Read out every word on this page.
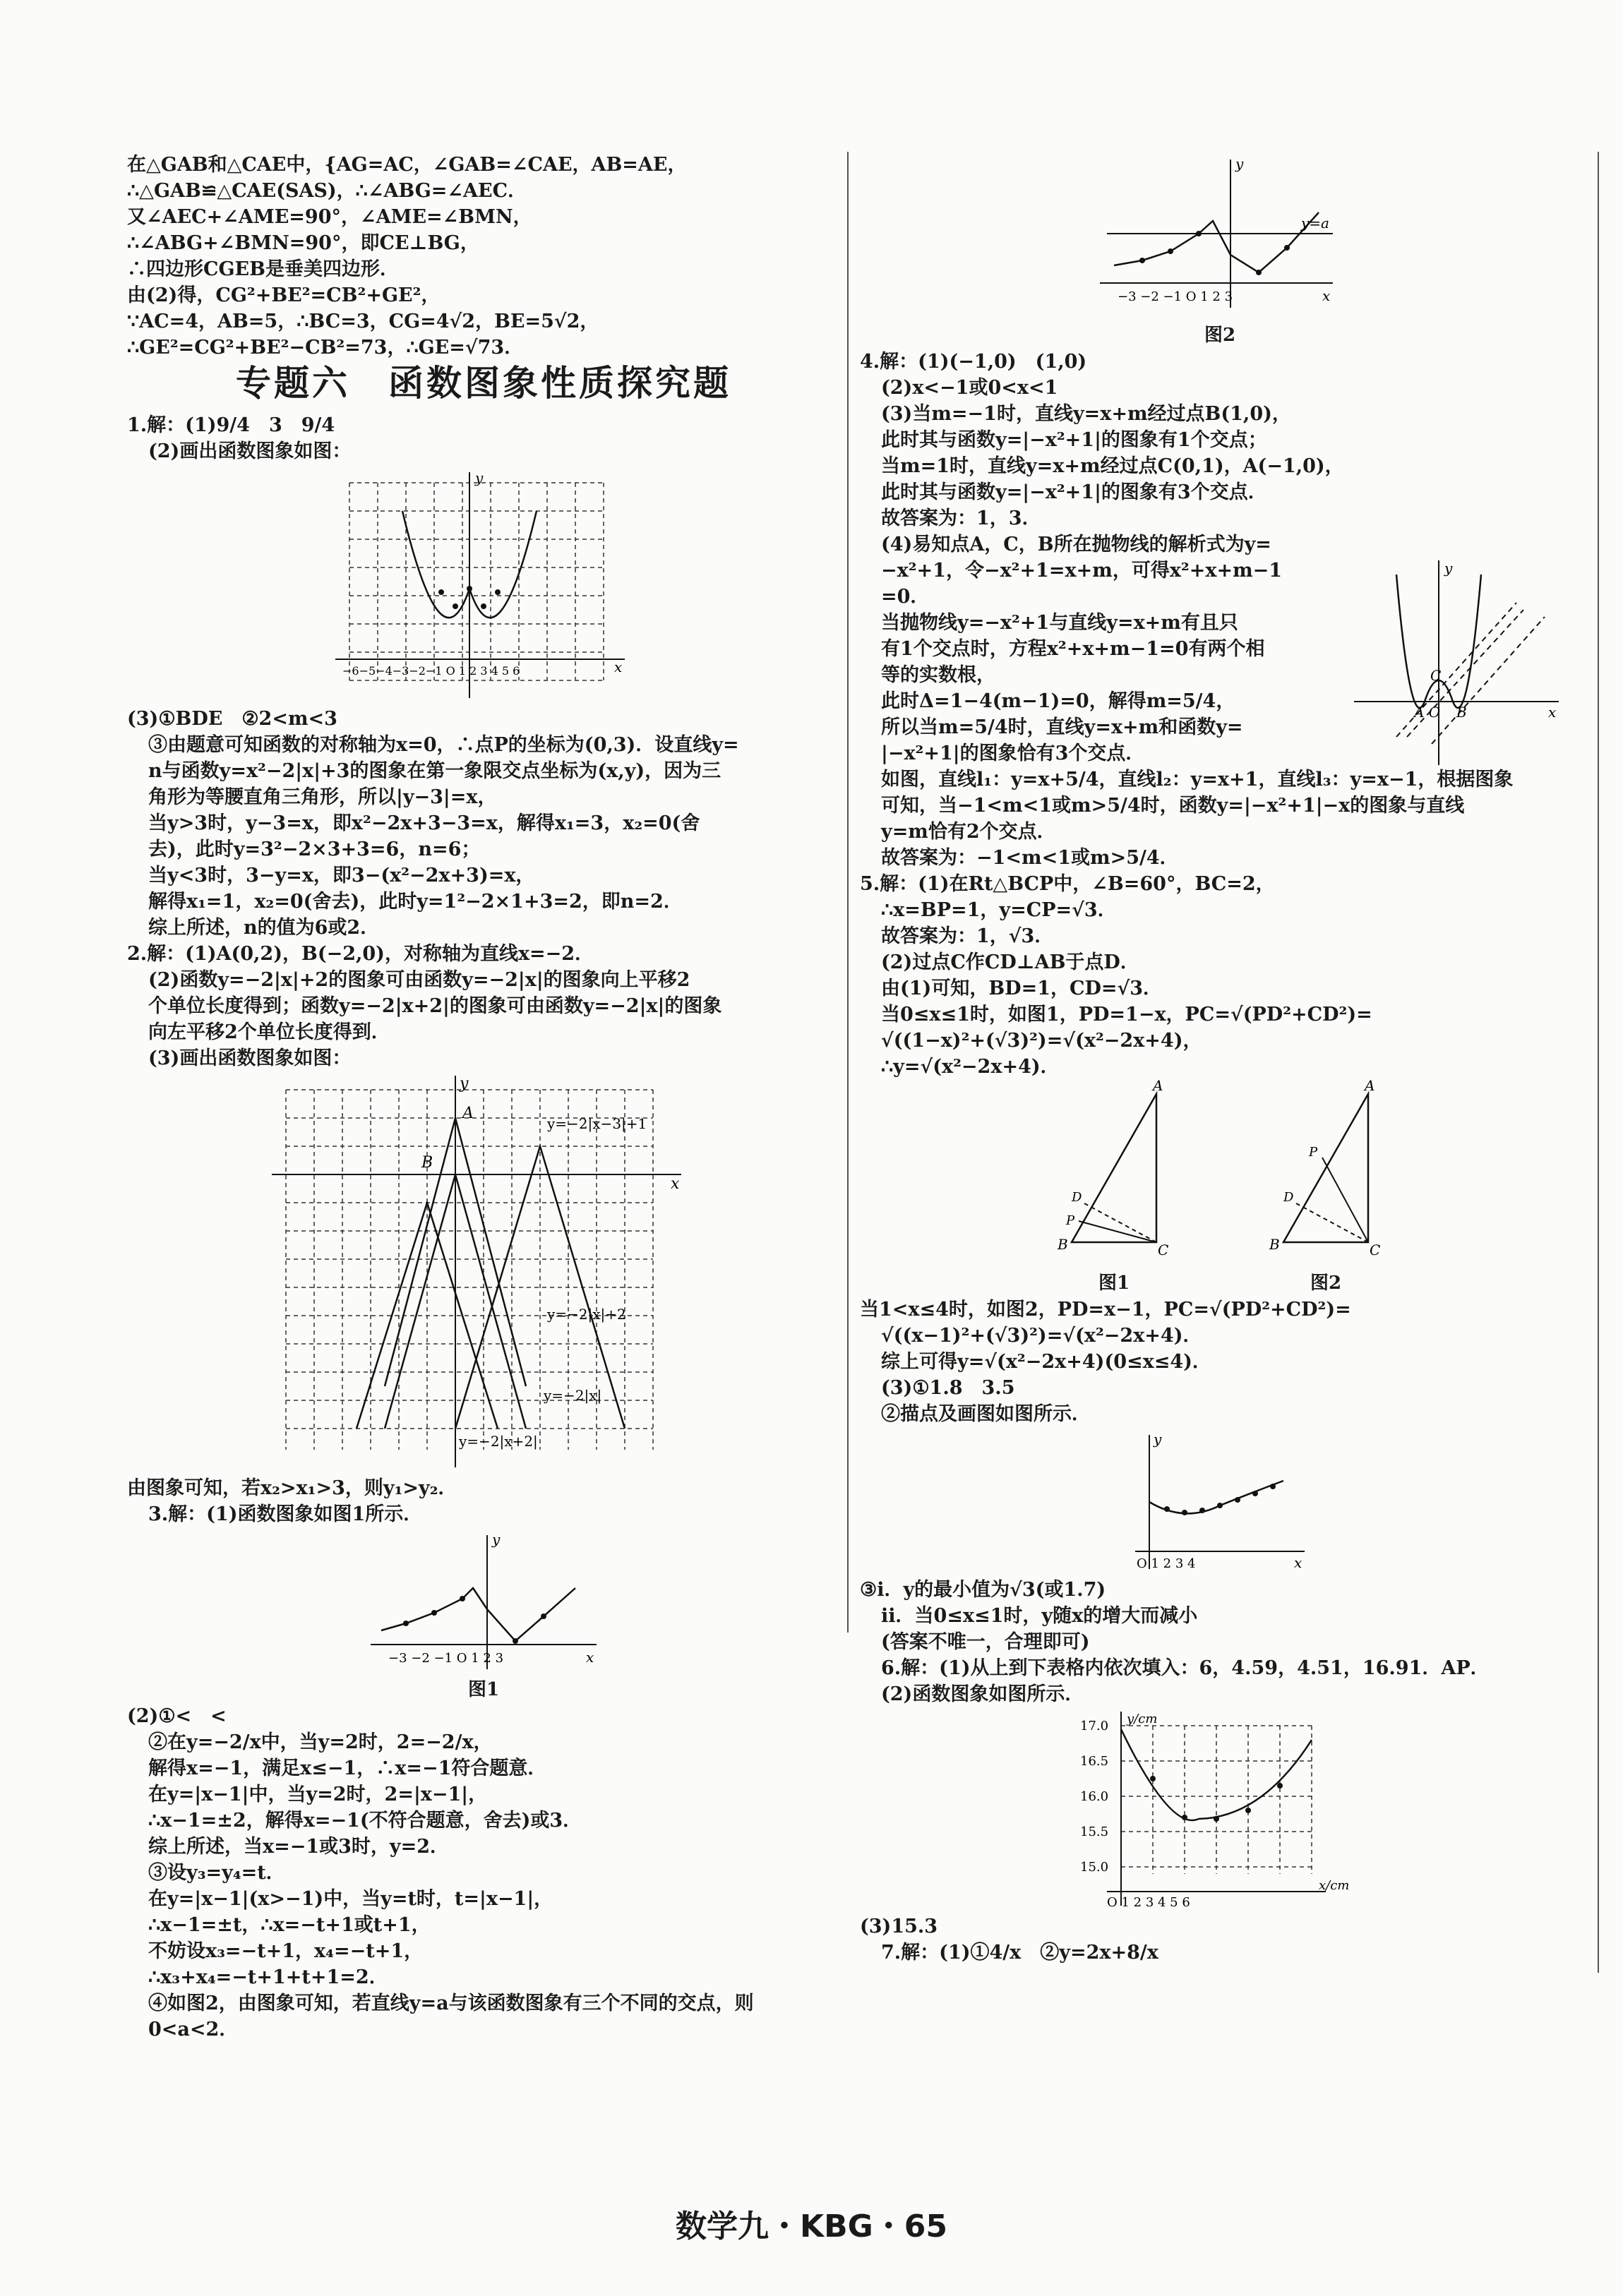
在△GAB和△CAE中，{AG=AC，∠GAB=∠CAE，AB=AE，
∴△GAB≌△CAE(SAS)，∴∠ABG=∠AEC．
又∠AEC+∠AME=90°，∠AME=∠BMN，
∴∠ABG+∠BMN=90°，即CE⊥BG，
∴四边形CGEB是垂美四边形．
由(2)得，CG²+BE²=CB²+GE²，
∵AC=4，AB=5，∴BC=3，CG=4√2，BE=5√2，
∴GE²=CG²+BE²−CB²=73，∴GE=√73．
专题六　函数图象性质探究题
1.解：(1)9/4　3　9/4
(2)画出函数图象如图：
y
x
−6−5−4−3−2−1 O 1 2 3 4 5 6
(3)①BDE　②2<m<3
③由题意可知函数的对称轴为x=0，∴点P的坐标为(0,3)．设直线y=
n与函数y=x²−2|x|+3的图象在第一象限交点坐标为(x,y)，因为三
角形为等腰直角三角形，所以|y−3|=x，
当y>3时，y−3=x，即x²−2x+3−3=x，解得x₁=3，x₂=0(舍
去)，此时y=3²−2×3+3=6，n=6；
当y<3时，3−y=x，即3−(x²−2x+3)=x，
解得x₁=1，x₂=0(舍去)，此时y=1²−2×1+3=2，即n=2．
综上所述，n的值为6或2．
2.解：(1)A(0,2)，B(−2,0)，对称轴为直线x=−2．
(2)函数y=−2|x|+2的图象可由函数y=−2|x|的图象向上平移2
个单位长度得到；函数y=−2|x+2|的图象可由函数y=−2|x|的图象
向左平移2个单位长度得到．
(3)画出函数图象如图：
y
x
B
A
y=−2|x−3|+1
y=−2|x|+2
y=−2|x|
y=−2|x+2|
由图象可知，若x₂>x₁>3，则y₁>y₂．
3.解：(1)函数图象如图1所示．
y
x
−3 −2 −1 O 1 2 3
图1
(2)①<　<
②在y=−2/x中，当y=2时，2=−2/x，
解得x=−1，满足x≤−1，∴x=−1符合题意．
在y=|x−1|中，当y=2时，2=|x−1|，
∴x−1=±2，解得x=−1(不符合题意，舍去)或3．
综上所述，当x=−1或3时，y=2．
③设y₃=y₄=t．
在y=|x−1|(x>−1)中，当y=t时，t=|x−1|，
∴x−1=±t，∴x=−t+1或t+1，
不妨设x₃=−t+1，x₄=−t+1，
∴x₃+x₄=−t+1+t+1=2．
④如图2，由图象可知，若直线y=a与该函数图象有三个不同的交点，则
0<a<2．
y
x
y=a
−3 −2 −1 O 1 2 3
图2
4.解：(1)(−1,0)　(1,0)
(2)x<−1或0<x<1
(3)当m=−1时，直线y=x+m经过点B(1,0)，
此时其与函数y=|−x²+1|的图象有1个交点；
当m=1时，直线y=x+m经过点C(0,1)，A(−1,0)，
此时其与函数y=|−x²+1|的图象有3个交点．
故答案为：1，3．
(4)易知点A，C，B所在抛物线的解析式为y=
−x²+1，令−x²+1=x+m，可得x²+x+m−1
=0．
当抛物线y=−x²+1与直线y=x+m有且只
有1个交点时，方程x²+x+m−1=0有两个相
等的实数根，
此时Δ=1−4(m−1)=0，解得m=5/4，
所以当m=5/4时，直线y=x+m和函数y=
|−x²+1|的图象恰有3个交点．
如图，直线l₁：y=x+5/4，直线l₂：y=x+1，直线l₃：y=x−1，根据图象
可知，当−1<m<1或m>5/4时，函数y=|−x²+1|−x的图象与直线
y=m恰有2个交点．
故答案为：−1<m<1或m>5/4．
y
x
C
A O B
5.解：(1)在Rt△BCP中，∠B=60°，BC=2，
∴x=BP=1，y=CP=√3．
故答案为：1，√3．
(2)过点C作CD⊥AB于点D．
由(1)可知，BD=1，CD=√3．
当0≤x≤1时，如图1，PD=1−x，PC=√(PD²+CD²)=
√((1−x)²+(√3)²)=√(x²−2x+4)，
∴y=√(x²−2x+4)．
A
B	C
D
P
图1
A
B	C
D
P
图2
当1<x≤4时，如图2，PD=x−1，PC=√(PD²+CD²)=
√((x−1)²+(√3)²)=√(x²−2x+4)．
综上可得y=√(x²−2x+4)(0≤x≤4)．
(3)①1.8　3.5
②描点及画图如图所示．
y
x
O 1 2 3 4
③ⅰ．y的最小值为√3(或1.7)
ⅱ．当0≤x≤1时，y随x的增大而减小
(答案不唯一，合理即可)
6.解：(1)从上到下表格内依次填入：6，4.59，4.51，16.91．AP．
(2)函数图象如图所示．
y/cm
x/cm
17.0
16.5
16.0
15.5
15.0
O 1 2 3 4 5 6
(3)15.3
7.解：(1)①4/x　②y=2x+8/x
数学九・KBG・65
